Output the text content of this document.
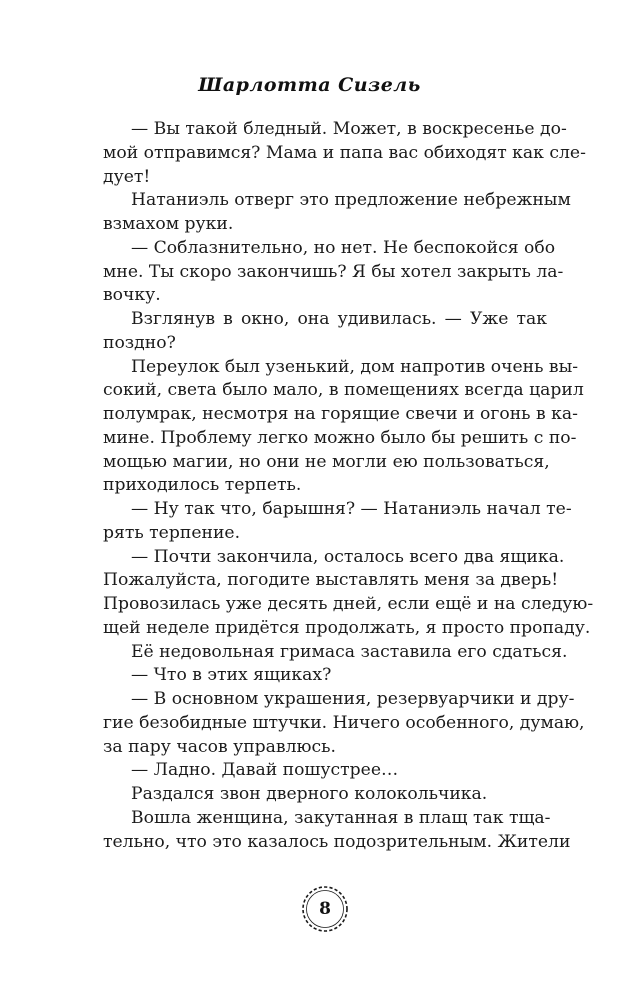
Шарлотта Сизель
— Вы такой бледный. Может, в воскресенье до-
мой отправимся? Мама и папа вас обиходят как сле-
дует!
Натаниэль отверг это предложение небрежным
взмахом руки.
— Соблазнительно, но нет. Не беспокойся обо
мне. Ты скоро закончишь? Я бы хотел закрыть ла-
вочку.
Взглянув в окно, она удивилась. — Уже так
поздно?
Переулок был узенький, дом напротив очень вы-
сокий, света было мало, в помещениях всегда царил
полумрак, несмотря на горящие свечи и огонь в ка-
мине. Проблему легко можно было бы решить с по-
мощью магии, но они не могли ею пользоваться,
приходилось терпеть.
— Ну так что, барышня? — Натаниэль начал те-
рять терпение.
— Почти закончила, осталось всего два ящика.
Пожалуйста, погодите выставлять меня за дверь!
Провозилась уже десять дней, если ещё и на следую-
щей неделе придётся продолжать, я просто пропаду.
Её недовольная гримаса заставила его сдаться.
— Что в этих ящиках?
— В основном украшения, резервуарчики и дру-
гие безобидные штучки. Ничего особенного, думаю,
за пару часов управлюсь.
— Ладно. Давай пошустрее…
Раздался звон дверного колокольчика.
Вошла женщина, закутанная в плащ так тща-
тельно, что это казалось подозрительным. Жители
8
